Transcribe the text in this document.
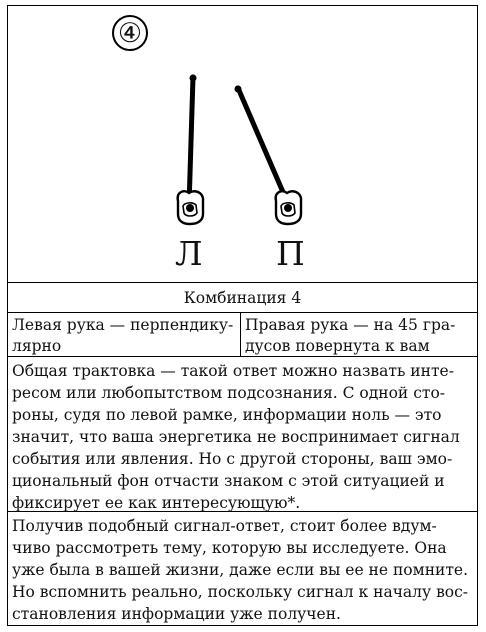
④
Л П
Комбинация 4
Левая рука — перпендику-
лярно
Правая рука — на 45 гра-
дусов повернута к вам
Общая трактовка — такой ответ можно назвать инте-
ресом или любопытством подсознания. С одной сто-
роны, судя по левой рамке, информации ноль — это
значит, что ваша энергетика не воспринимает сигнал
события или явления. Но с другой стороны, ваш эмо-
циональный фон отчасти знаком с этой ситуацией и
фиксирует ее как интересующую*.
Получив подобный сигнал-ответ, стоит более вдум-
чиво рассмотреть тему, которую вы исследуете. Она
уже была в вашей жизни, даже если вы ее не помните.
Но вспомнить реально, поскольку сигнал к началу вос-
становления информации уже получен.
